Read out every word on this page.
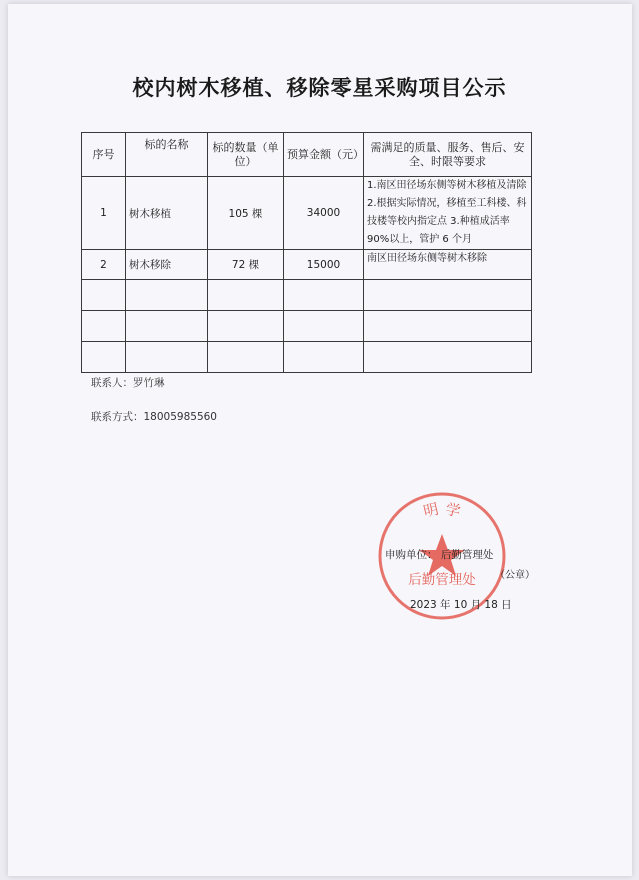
校内树木移植、移除零星采购项目公示
序号	标的名称	标的数量（单位）	预算金额（元）	需满足的质量、服务、售后、安全、时限等要求
1	树木移植	105 棵	34000	1.南区田径场东侧等树木移植及清除 2.根据实际情况，移植至工科楼、科技楼等校内指定点 3.种植成活率 90%以上，管护 6 个月
2	树木移除	72 棵	15000	南区田径场东侧等树木移除

联系人：罗竹琳
联系方式：18005985560
明 学
后勤管理处
申购单位： 后勤管理处
（公章）
2023 年 10 月 18 日
